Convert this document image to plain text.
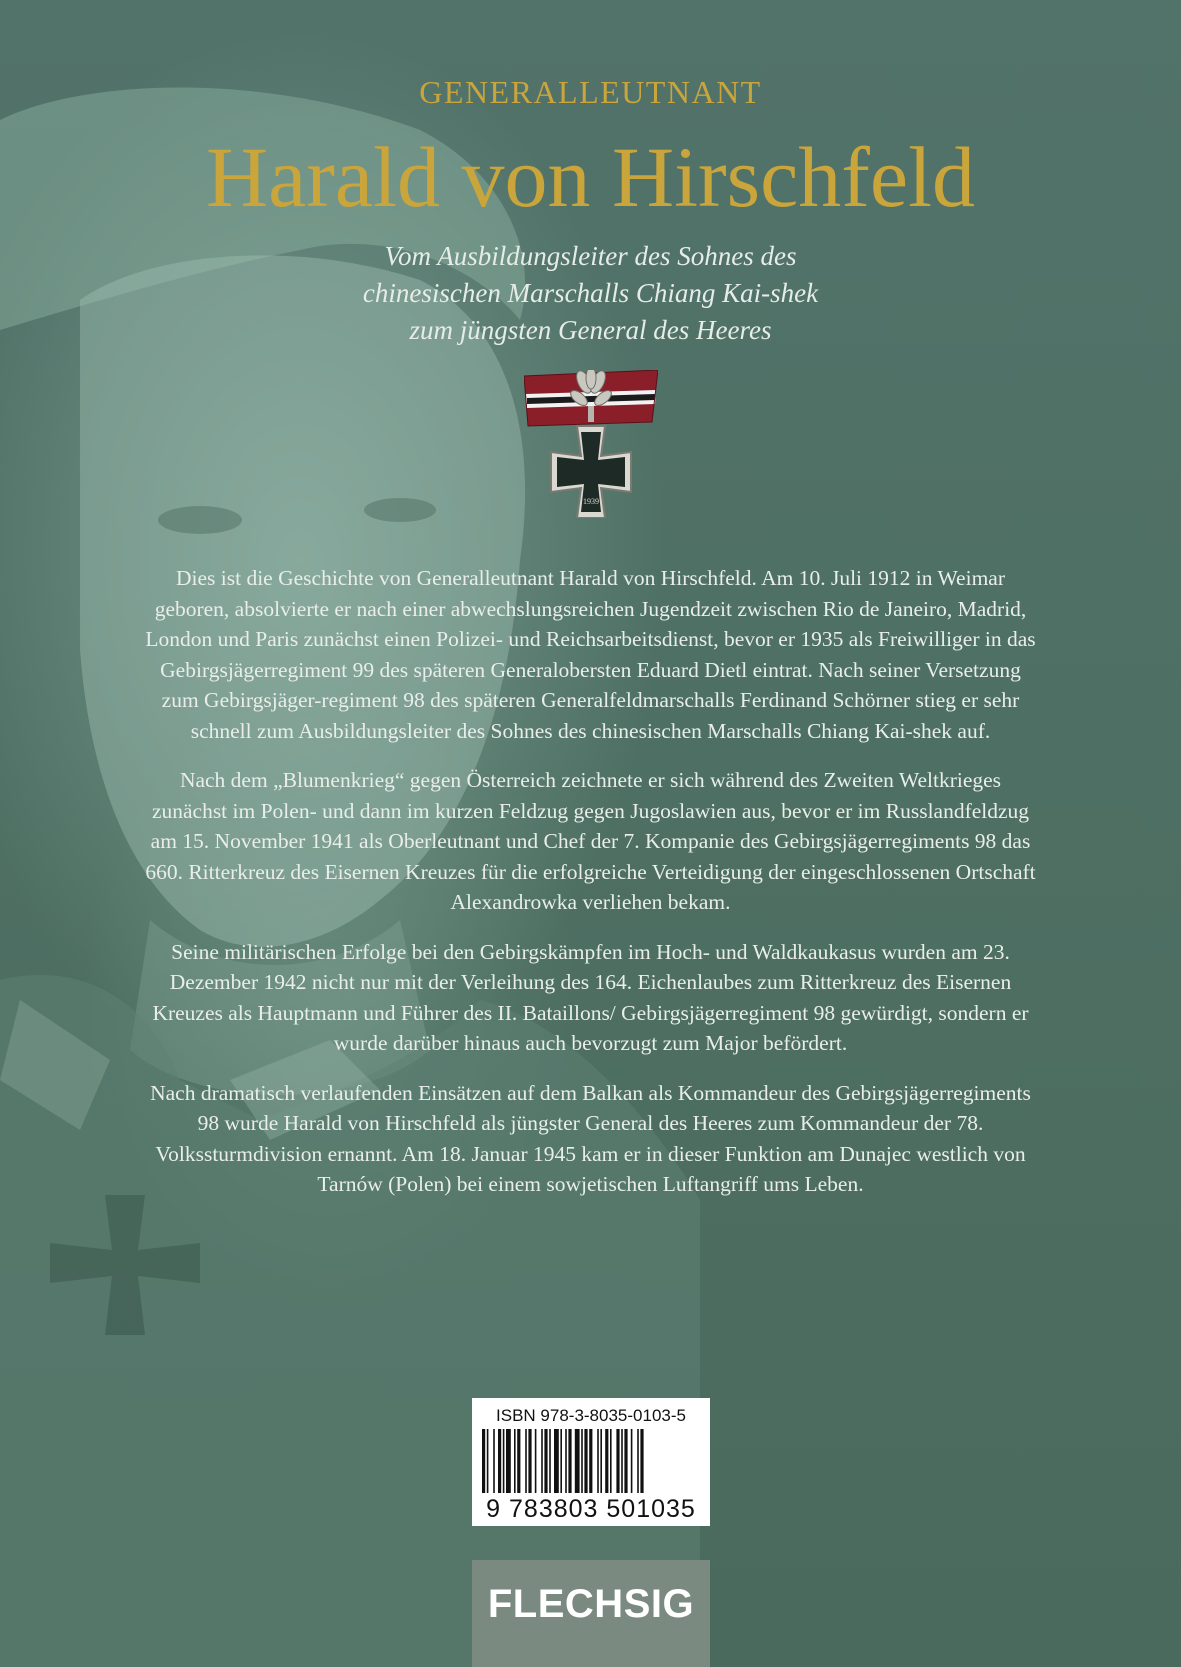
GENERALLEUTNANT
Harald von Hirschfeld
Vom Ausbildungsleiter des Sohnes des
chinesischen Marschalls Chiang Kai-shek
zum jüngsten General des Heeres
1939

Dies ist die Geschichte von Generalleutnant Harald von Hirschfeld. Am 10. Juli 1912 in Weimar geboren, absolvierte er nach einer abwechslungsreichen Jugendzeit zwischen Rio de Janeiro, Madrid, London und Paris zunächst einen Polizei- und Reichsarbeitsdienst, bevor er 1935 als Freiwilliger in das Gebirgsjägerregiment 99 des späteren Generalobersten Eduard Dietl eintrat. Nach seiner Versetzung zum Gebirgsjäger-regiment 98 des späteren Generalfeldmarschalls Ferdinand Schörner stieg er sehr schnell zum Ausbildungsleiter des Sohnes des chinesischen Marschalls Chiang Kai-shek auf.

Nach dem „Blumenkrieg“ gegen Österreich zeichnete er sich während des Zweiten Weltkrieges zunächst im Polen- und dann im kurzen Feldzug gegen Jugoslawien aus, bevor er im Russlandfeldzug am 15. November 1941 als Oberleutnant und Chef der 7. Kompanie des Gebirgsjägerregiments 98 das 660. Ritterkreuz des Eisernen Kreuzes für die erfolgreiche Verteidigung der eingeschlossenen Ortschaft Alexandrowka verliehen bekam.

Seine militärischen Erfolge bei den Gebirgskämpfen im Hoch- und Waldkaukasus wurden am 23. Dezember 1942 nicht nur mit der Verleihung des 164. Eichenlaubes zum Ritterkreuz des Eisernen Kreuzes als Hauptmann und Führer des II. Bataillons/ Gebirgsjägerregiment 98 gewürdigt, sondern er wurde darüber hinaus auch bevorzugt zum Major befördert.

Nach dramatisch verlaufenden Einsätzen auf dem Balkan als Kommandeur des Gebirgsjägerregiments 98 wurde Harald von Hirschfeld als jüngster General des Heeres zum Kommandeur der 78. Volkssturmdivision ernannt. Am 18. Januar 1945 kam er in dieser Funktion am Dunajec westlich von Tarnów (Polen) bei einem sowjetischen Luftangriff ums Leben.

ISBN 978-3-8035-0103-5
9 783803 501035
FLECHSIG
